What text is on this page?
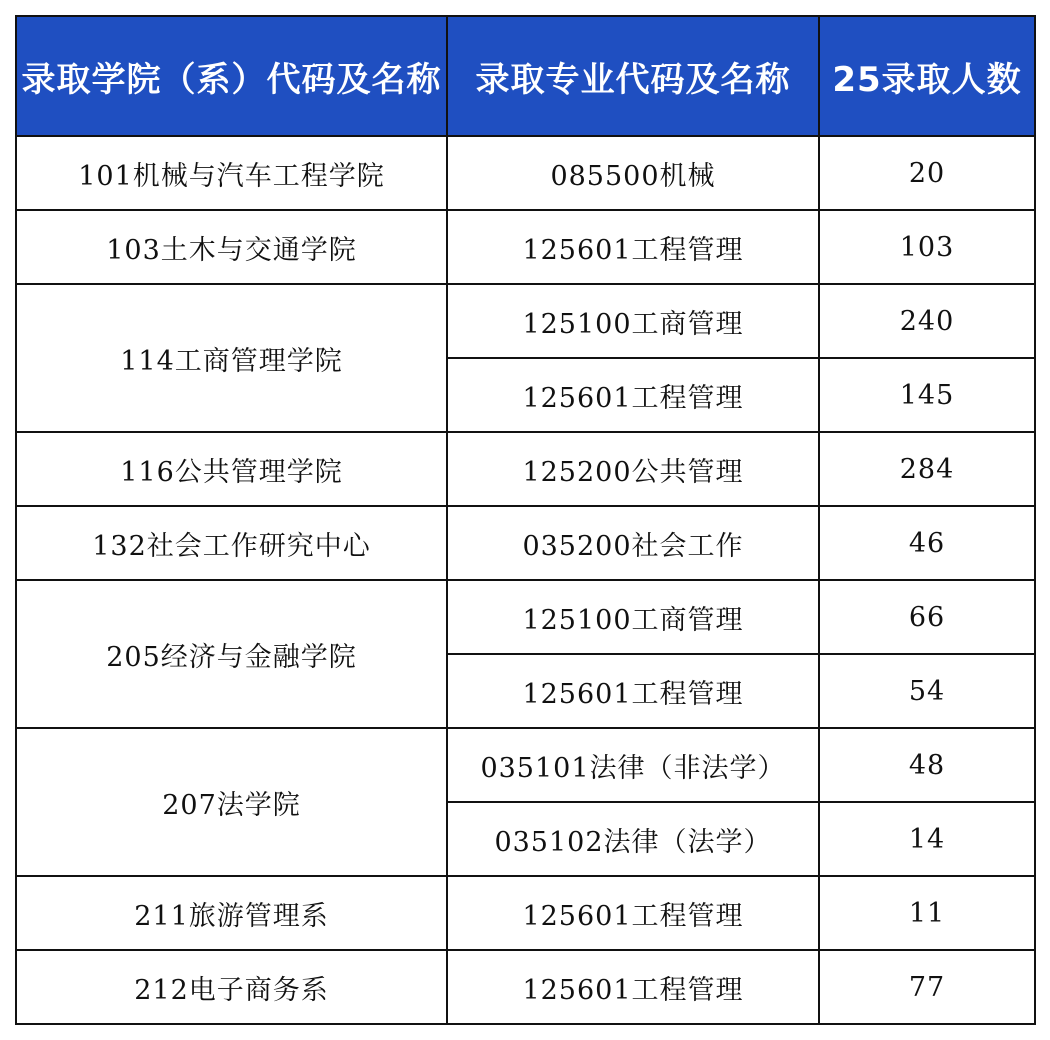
录取学院（系）代码及名称	录取专业代码及名称	25录取人数
101机械与汽车工程学院	085500机械	20
103土木与交通学院	125601工程管理	103
114工商管理学院	125100工商管理	240
	125601工程管理	145
116公共管理学院	125200公共管理	284
132社会工作研究中心	035200社会工作	46
205经济与金融学院	125100工商管理	66
	125601工程管理	54
207法学院	035101法律（非法学）	48
	035102法律（法学）	14
211旅游管理系	125601工程管理	11
212电子商务系	125601工程管理	77
